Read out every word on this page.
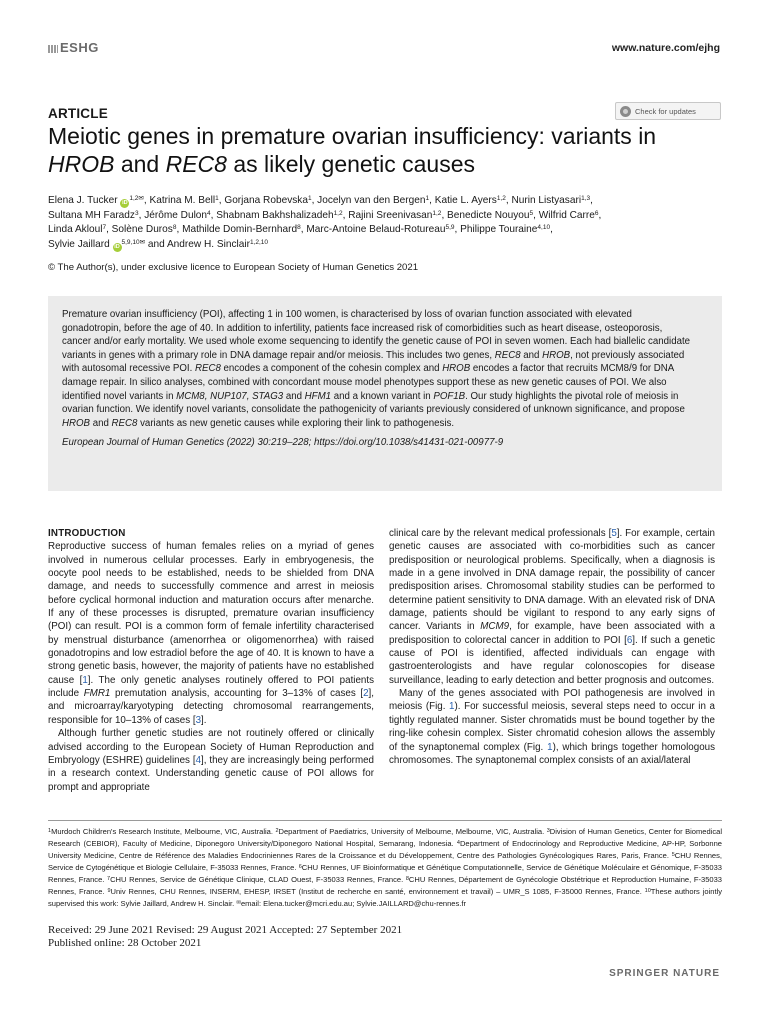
ESHG	www.nature.com/ejhg
ARTICLE	Check for updates
Meiotic genes in premature ovarian insufficiency: variants in HROB and REC8 as likely genetic causes
Elena J. Tucker $iD^{1,2✉}$, Katrina M. Bell$^1$, Gorjana Robevska$^1$, Jocelyn van den Bergen$^1$, Katie L. Ayers$^{1,2}$, Nurin Listyasari$^{1,3}$,
Sultana MH Faradz$^3$, Jérôme Dulon$^4$, Shabnam Bakhshalizadeh$^{1,2}$, Rajini Sreenivasan$^{1,2}$, Benedicte Nouyou$^5$, Wilfrid Carre$^6$,
Linda Akloul$^7$, Solène Duros$^8$, Mathilde Domin-Bernhard$^8$, Marc-Antoine Belaud-Rotureau$^{5,9}$, Philippe Touraine$^{4,10}$,
Sylvie Jaillard $iD^{5,9,10✉}$ and Andrew H. Sinclair$^{1,2,10}$
© The Author(s), under exclusive licence to European Society of Human Genetics 2021
Premature ovarian insufficiency (POI), affecting 1 in 100 women, is characterised by loss of ovarian function associated with elevated gonadotropin, before the age of 40. In addition to infertility, patients face increased risk of comorbidities such as heart disease, osteoporosis, cancer and/or early mortality. We used whole exome sequencing to identify the genetic cause of POI in seven women. Each had biallelic candidate variants in genes with a primary role in DNA damage repair and/or meiosis. This includes two genes, REC8 and HROB, not previously associated with autosomal recessive POI. REC8 encodes a component of the cohesin complex and HROB encodes a factor that recruits MCM8/9 for DNA damage repair. In silico analyses, combined with concordant mouse model phenotypes support these as new genetic causes of POI. We also identified novel variants in MCM8, NUP107, STAG3 and HFM1 and a known variant in POF1B. Our study highlights the pivotal role of meiosis in ovarian function. We identify novel variants, consolidate the pathogenicity of variants previously considered of unknown significance, and propose HROB and REC8 variants as new genetic causes while exploring their link to pathogenesis.
European Journal of Human Genetics (2022) 30:219–228; https://doi.org/10.1038/s41431-021-00977-9
INTRODUCTION

Reproductive success of human females relies on a myriad of genes involved in numerous cellular processes. Early in embryogenesis, the oocyte pool needs to be established, needs to be shielded from DNA damage, and needs to successfully commence and arrest in meiosis before cyclical hormonal induction and maturation occurs after menarche. If any of these processes is disrupted, premature ovarian insufficiency (POI) can result. POI is a common form of female infertility characterised by menstrual disturbance (amenorrhea or oligomenorrhea) with raised gonadotropins and low estradiol before the age of 40. It is known to have a strong genetic basis, however, the majority of patients have no established cause [1]. The only genetic analyses routinely offered to POI patients include FMR1 premutation analysis, accounting for 3–13% of cases [2], and microarray/karyotyping detecting chromosomal rearrangements, responsible for 10–13% of cases [3].

Although further genetic studies are not routinely offered or clinically advised according to the European Society of Human Reproduction and Embryology (ESHRE) guidelines [4], they are increasingly being performed in a research context. Understanding genetic cause of POI allows for prompt and appropriate

clinical care by the relevant medical professionals [5]. For example, certain genetic causes are associated with co-morbidities such as cancer predisposition or neurological problems. Specifically, when a diagnosis is made in a gene involved in DNA damage repair, the possibility of cancer predisposition arises. Chromosomal stability studies can be performed to determine patient sensitivity to DNA damage. With an elevated risk of DNA damage, patients should be vigilant to respond to any early signs of cancer. Variants in MCM9, for example, have been associated with a predisposition to colorectal cancer in addition to POI [6]. If such a genetic cause of POI is identified, affected individuals can engage with gastroenterologists and have regular colonoscopies for disease surveillance, leading to early detection and better prognosis and outcomes.

Many of the genes associated with POI pathogenesis are involved in meiosis (Fig. 1). For successful meiosis, several steps need to occur in a tightly regulated manner. Sister chromatids must be bound together by the ring-like cohesin complex. Sister chromatid cohesion allows the assembly of the synaptonemal complex (Fig. 1), which brings together homologous chromosomes. The synaptonemal complex consists of an axial/lateral

$^1$Murdoch Children's Research Institute, Melbourne, VIC, Australia. $^2$Department of Paediatrics, University of Melbourne, Melbourne, VIC, Australia. $^3$Division of Human Genetics, Center for Biomedical Research (CEBIOR), Faculty of Medicine, Diponegoro University/Diponegoro National Hospital, Semarang, Indonesia. $^4$Department of Endocrinology and Reproductive Medicine, AP-HP, Sorbonne University Medicine, Centre de Référence des Maladies Endocriniennes Rares de la Croissance et du Développement, Centre des Pathologies Gynécologiques Rares, Paris, France. $^5$CHU Rennes, Service de Cytogénétique et Biologie Cellulaire, F-35033 Rennes, France. $^6$CHU Rennes, UF Bioinformatique et Génétique Computationnelle, Service de Génétique Moléculaire et Génomique, F-35033 Rennes, France. $^7$CHU Rennes, Service de Génétique Clinique, CLAD Ouest, F-35033 Rennes, France. $^8$CHU Rennes, Département de Gynécologie Obstétrique et Reproduction Humaine, F-35033 Rennes, France. $^9$Univ Rennes, CHU Rennes, INSERM, EHESP, IRSET (Institut de recherche en santé, environnement et travail) – UMR_S 1085, F-35000 Rennes, France. $^{10}$These authors jointly supervised this work: Sylvie Jaillard, Andrew H. Sinclair. ✉email: Elena.tucker@mcri.edu.au; Sylvie.JAILLARD@chu-rennes.fr
Received: 29 June 2021 Revised: 29 August 2021 Accepted: 27 September 2021
Published online: 28 October 2021
SPRINGER NATURE
